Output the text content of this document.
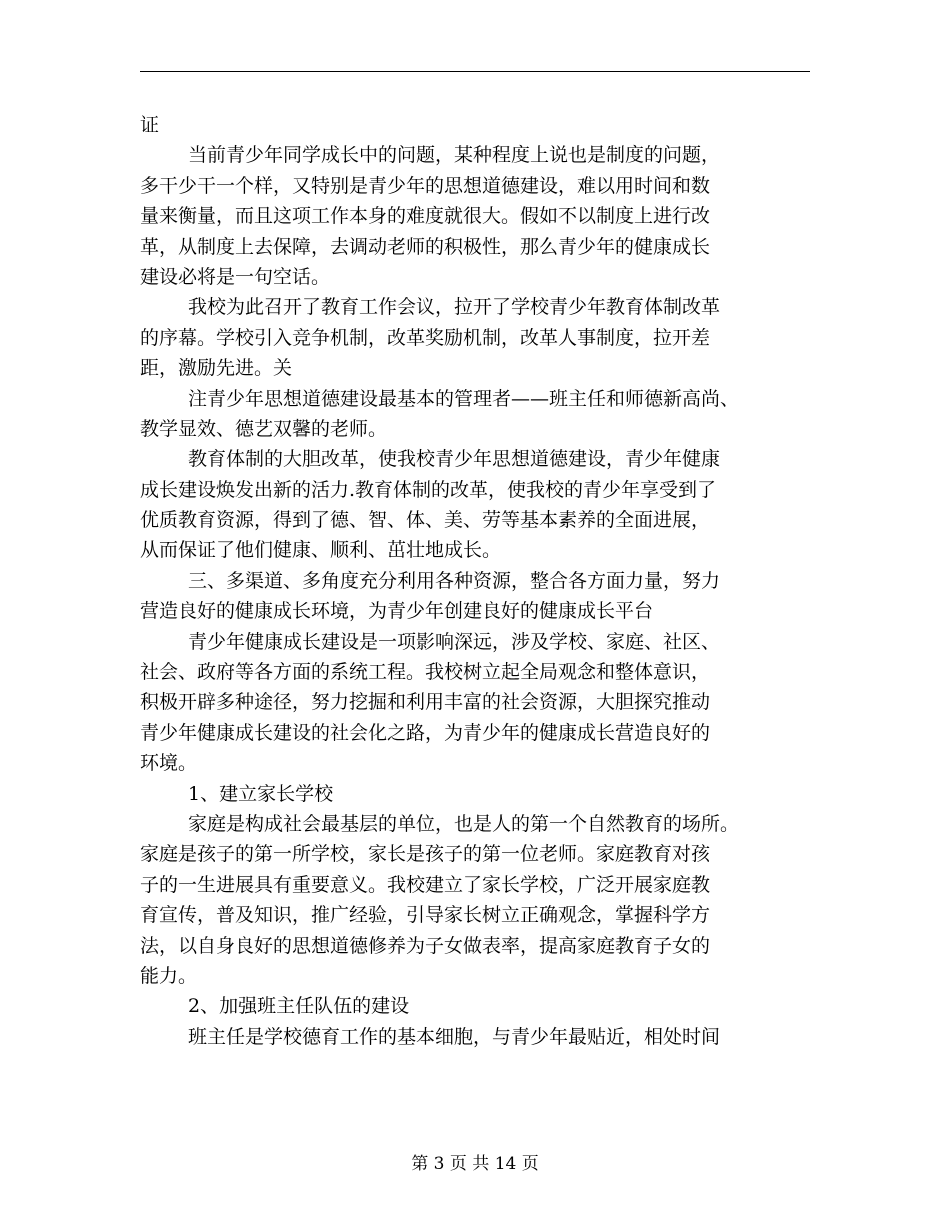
证
当前青少年同学成长中的问题，某种程度上说也是制度的问题，
多干少干一个样，又特别是青少年的思想道德建设，难以用时间和数
量来衡量，而且这项工作本身的难度就很大。假如不以制度上进行改
革，从制度上去保障，去调动老师的积极性，那么青少年的健康成长
建设必将是一句空话。
我校为此召开了教育工作会议，拉开了学校青少年教育体制改革
的序幕。学校引入竞争机制，改革奖励机制，改革人事制度，拉开差
距，激励先进。关
注青少年思想道德建设最基本的管理者——班主任和师德新高尚、
教学显效、德艺双馨的老师。
教育体制的大胆改革，使我校青少年思想道德建设，青少年健康
成长建设焕发出新的活力.教育体制的改革，使我校的青少年享受到了
优质教育资源，得到了德、智、体、美、劳等基本素养的全面进展，
从而保证了他们健康、顺利、茁壮地成长。
三、多渠道、多角度充分利用各种资源，整合各方面力量，努力
营造良好的健康成长环境，为青少年创建良好的健康成长平台
青少年健康成长建设是一项影响深远，涉及学校、家庭、社区、
社会、政府等各方面的系统工程。我校树立起全局观念和整体意识，
积极开辟多种途径，努力挖掘和利用丰富的社会资源，大胆探究推动
青少年健康成长建设的社会化之路，为青少年的健康成长营造良好的
环境。
1、建立家长学校
家庭是构成社会最基层的单位，也是人的第一个自然教育的场所。
家庭是孩子的第一所学校，家长是孩子的第一位老师。家庭教育对孩
子的一生进展具有重要意义。我校建立了家长学校，广泛开展家庭教
育宣传，普及知识，推广经验，引导家长树立正确观念，掌握科学方
法，以自身良好的思想道德修养为子女做表率，提高家庭教育子女的
能力。
2、加强班主任队伍的建设
班主任是学校德育工作的基本细胞，与青少年最贴近，相处时间
第 3 页 共 14 页
